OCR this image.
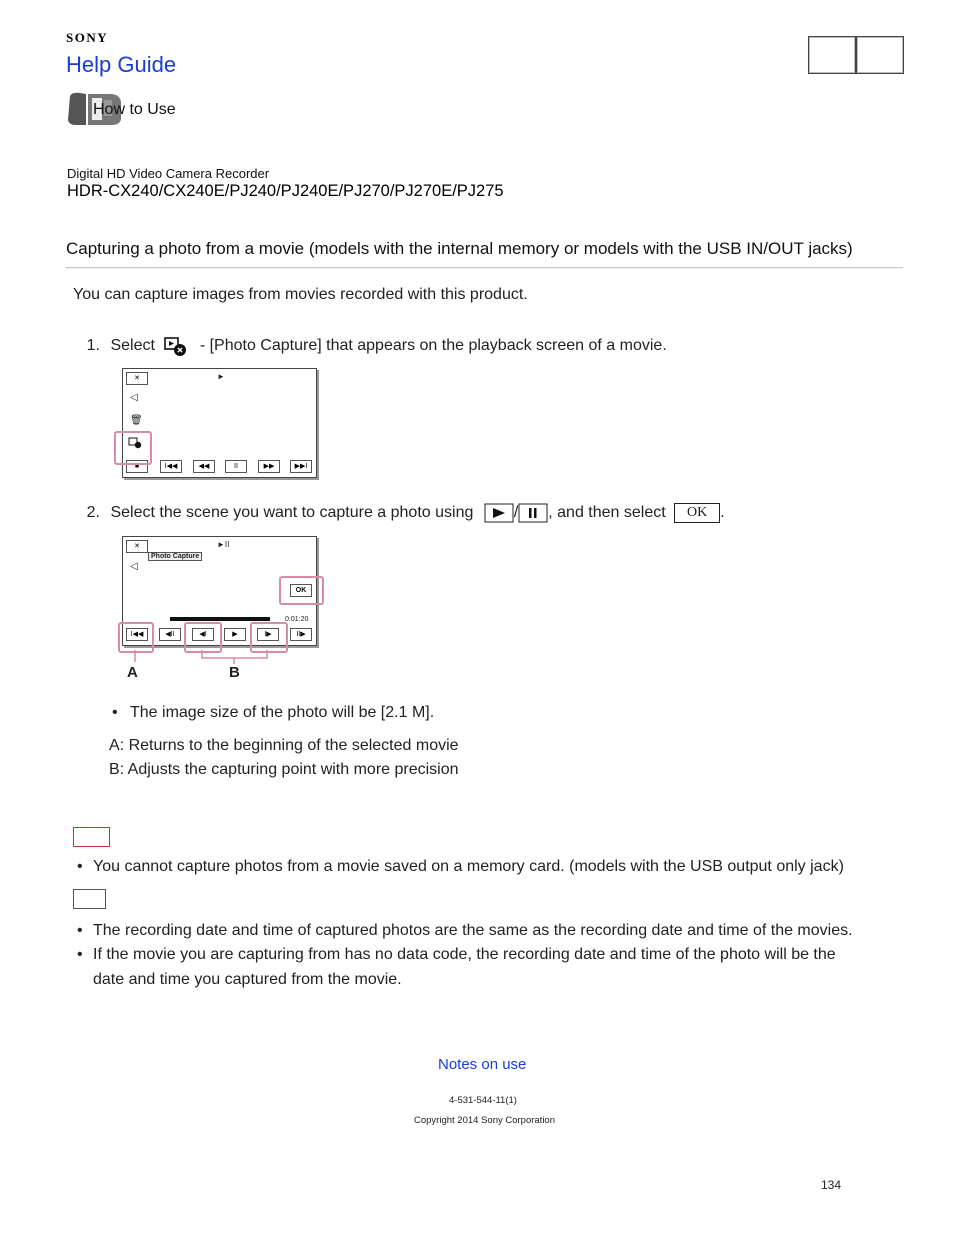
SONY
Help Guide
How to Use
Digital HD Video Camera Recorder
HDR-CX240/CX240E/PJ240/PJ240E/PJ270/PJ270E/PJ275
Capturing a photo from a movie (models with the internal memory or models with the USB IN/OUT jacks)
You can capture images from movies recorded with this product.
1. Select	- [Photo Capture] that appears on the playback screen of a movie.
✕	►
◁
🗑
■	I◀◀	◀◀	II	▶▶	▶▶I
2. Select the scene you want to capture a photo using	/ , and then select OK .
✕	►II
◁
Photo Capture
OK
0:01:20
I◀◀	◀II	◀I	▶	I▶	II▶
A	B
• The image size of the photo will be [2.1 M].
A: Returns to the beginning of the selected movie
B: Adjusts the capturing point with more precision
• You cannot capture photos from a movie saved on a memory card. (models with the USB output only jack)
• The recording date and time of captured photos are the same as the recording date and time of the movies.
• If the movie you are capturing from has no data code, the recording date and time of the photo will be the
date and time you captured from the movie.
Notes on use
4-531-544-11(1)
Copyright 2014 Sony Corporation
134
